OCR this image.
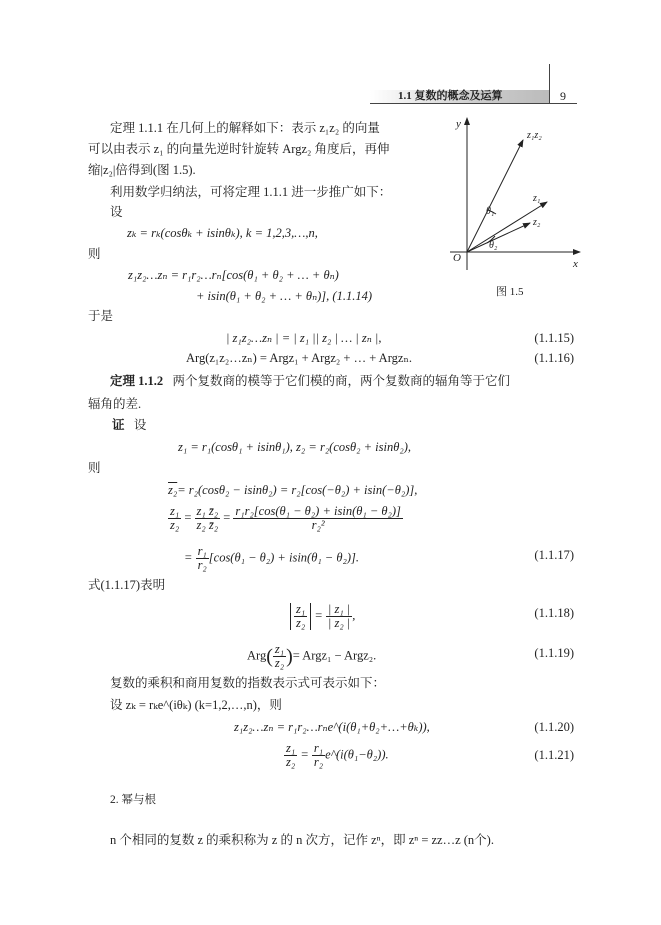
1.1 复数的概念及运算	9
定理 1.1.1 在几何上的解释如下：表示 z₁z₂ 的向量
可以由表示 z₁ 的向量先逆时针旋转 Argz₂ 角度后，再伸
缩|z₂|倍得到(图 1.5).
利用数学归纳法，可将定理 1.1.1 进一步推广如下：
设
zₖ = rₖ(cosθₖ + isinθₖ), k = 1,2,3,…,n,
则
z₁z₂…zₙ = r₁r₂…rₙ[cos(θ₁ + θ₂ + … + θₙ)
+ isin(θ₁ + θ₂ + … + θₙ)], (1.1.14)
y
x
O
z₁z₂
z₁
z₂
θ₁
θ₂
图 1.5
于是
| z₁z₂…zₙ | = | z₁ || z₂ | … | zₙ |,	(1.1.15)
Arg(z₁z₂…zₙ) = Argz₁ + Argz₂ + … + Argzₙ.	(1.1.16)
定理 1.1.2 两个复数商的模等于它们模的商，两个复数商的辐角等于它们
辐角的差.
证 设
z₁ = r₁(cosθ₁ + isinθ₁), z₂ = r₂(cosθ₂ + isinθ₂),
则
z₂= r₂(cosθ₂ − isinθ₂) = r₂[cos(−θ₂) + isin(−θ₂)],
$\frac{\text{z₁}}{\text{z₂}} = \frac{\text{z₁ z̄₂}}{\text{z₂ z̄₂}} = \frac{\text{r₁r₂[cos(θ₁ − θ₂) + isin(θ₁ − θ₂)]}}{\text{r₂²}}$
= $\frac{\text{r₁}}{\text{r₂}} [\cos(\theta_1 - \theta_2) + isin(\theta_1 - \theta_2)]$.	(1.1.17)
式(1.1.17)表明
$\frac{\text{z₁}}{\text{z₂}} = \frac{\text{| z₁ |}}{\text{| z₂ |}}$ ,	(1.1.18)
$Arg( \frac{\text{z₁}}{\text{z₂}}$ )= Argz₁ − Argz₂.	(1.1.19)
复数的乘积和商用复数的指数表示式可表示如下：
设 zₖ = rₖe^(iθₖ) (k=1,2,…,n)，则
z₁z₂…zₙ = r₁r₂…rₙe^(i(θ₁+θ₂+…+θₖ)),	(1.1.20)
$\frac{\text{z₁}}{\text{z₂}} = \frac{\text{r₁}}{\text{r₂}}$ e^(i(θ₁−θ₂)).	(1.1.21)
2. 幂与根
n 个相同的复数 z 的乘积称为 z 的 n 次方，记作 zⁿ，即 zⁿ = zz…z (n个).
